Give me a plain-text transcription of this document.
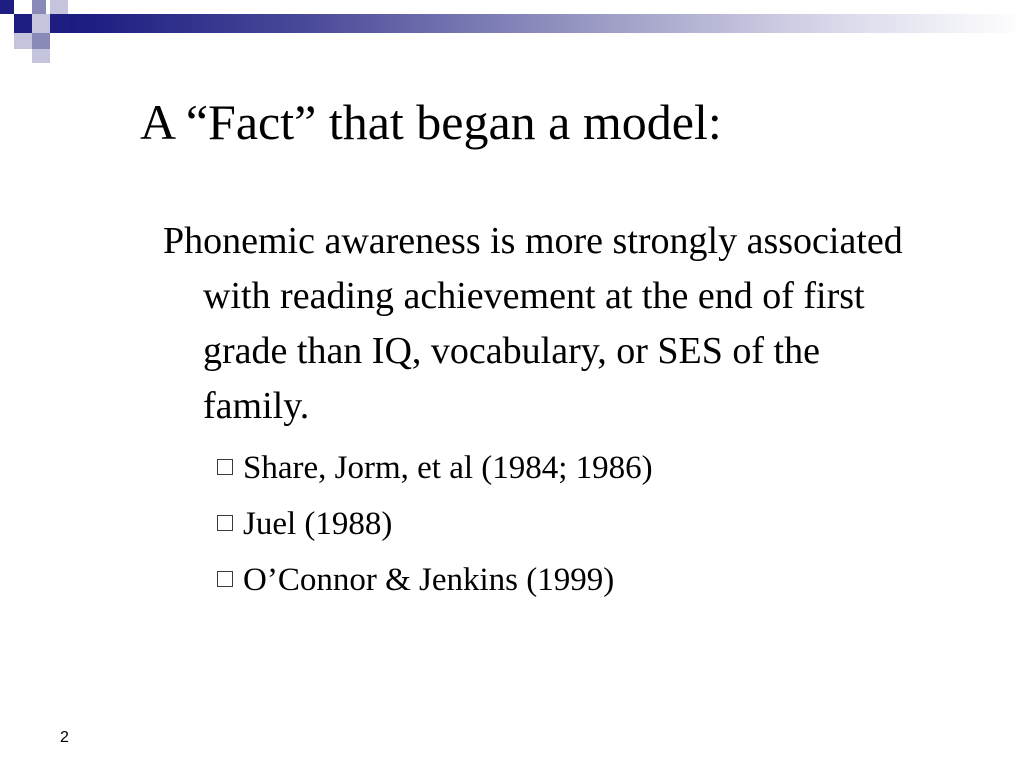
A “Fact” that began a model:

Phonemic awareness is more strongly associated with reading achievement at the end of first grade than IQ, vocabulary, or SES of the family.

Share, Jorm, et al (1984; 1986)
Juel (1988)
O’Connor & Jenkins (1999)
2
